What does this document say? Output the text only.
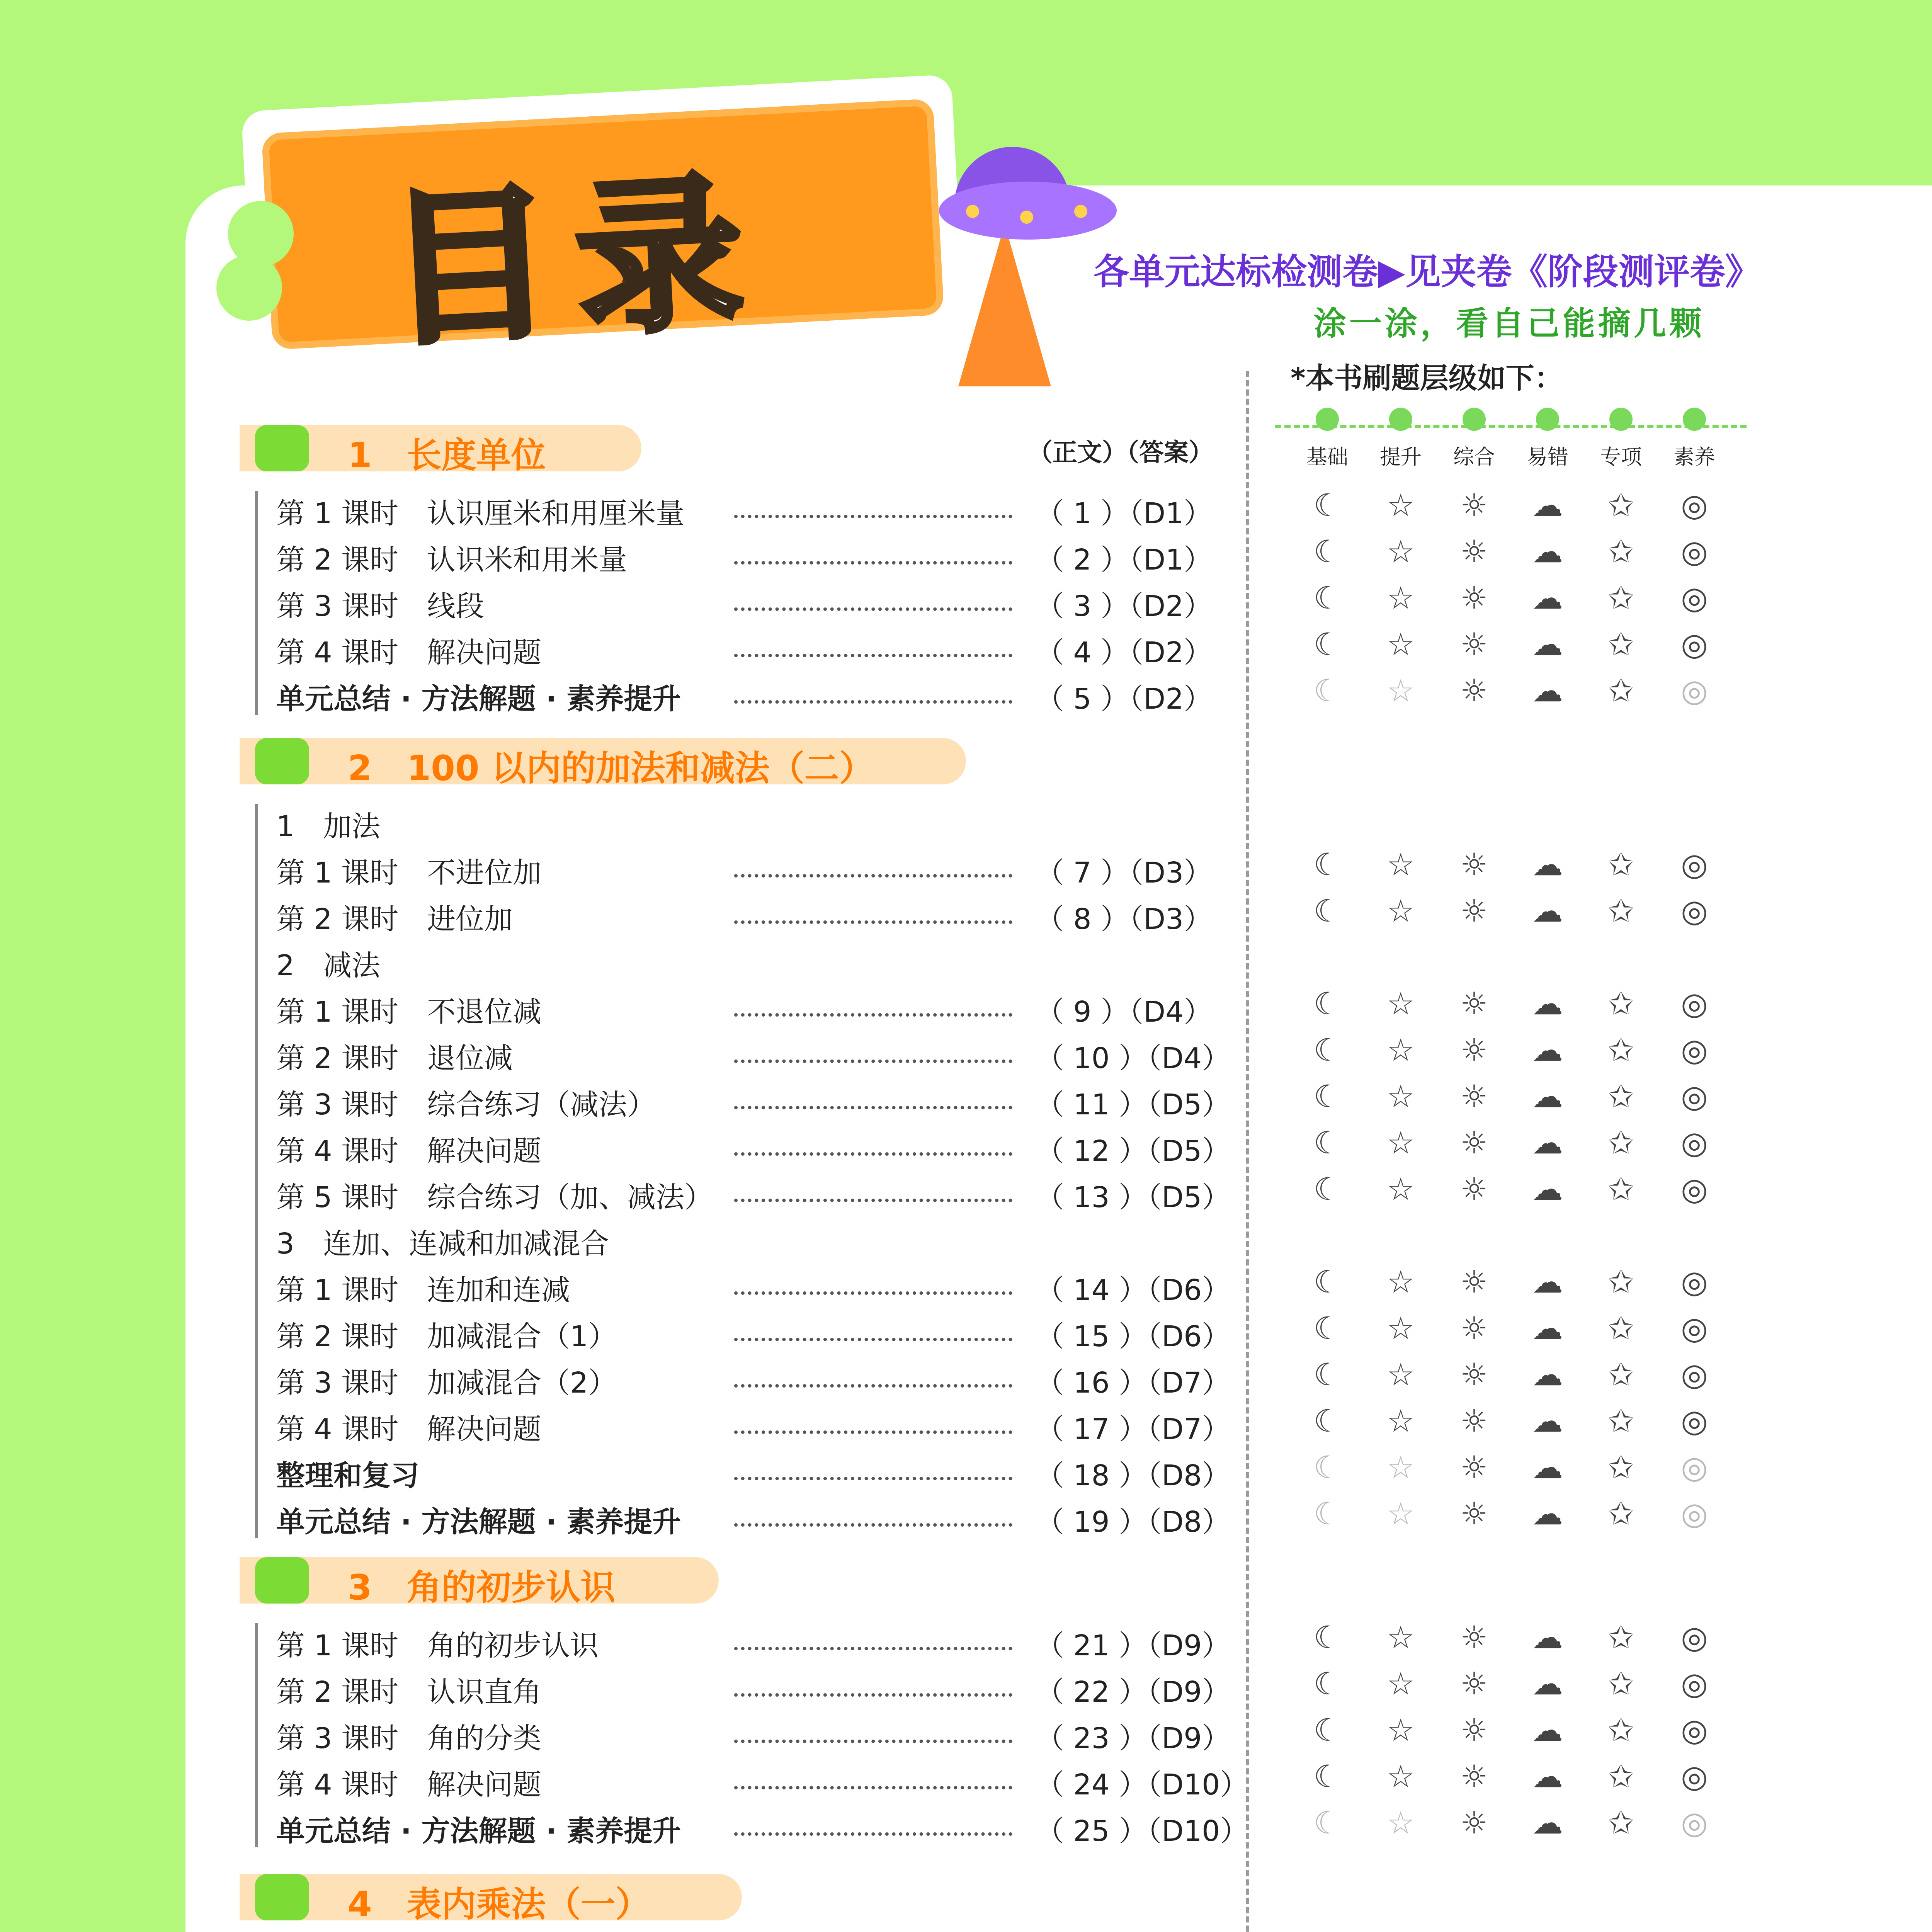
目录	各单元达标检测卷▶见夹卷《阶段测评卷》
涂一涂，看自己能摘几颗
*本书刷题层级如下：
基础	提升	综合	易错	专项	素养
（正文）（答案）
1　长度单位
第 1 课时　认识厘米和用厘米量	（ 1 ）（D1）	☾	☆	☼	☁	✩	◎
第 2 课时　认识米和用米量	（ 2 ）（D1）	☾	☆	☼	☁	✩	◎
第 3 课时　线段	（ 3 ）（D2）	☾	☆	☼	☁	✩	◎
第 4 课时　解决问题	（ 4 ）（D2）	☾	☆	☼	☁	✩	◎
单元总结 · 方法解题 · 素养提升	（ 5 ）（D2）	☾	☆	☼	☁	✩	◎
2　100 以内的加法和减法（二）
1　加法
第 1 课时　不进位加	（ 7 ）（D3）	☾	☆	☼	☁	✩	◎
第 2 课时　进位加	（ 8 ）（D3）	☾	☆	☼	☁	✩	◎
2　减法
第 1 课时　不退位减	（ 9 ）（D4）	☾	☆	☼	☁	✩	◎
第 2 课时　退位减	（ 10 ）（D4）	☾	☆	☼	☁	✩	◎
第 3 课时　综合练习（减法）	（ 11 ）（D5）	☾	☆	☼	☁	✩	◎
第 4 课时　解决问题	（ 12 ）（D5）	☾	☆	☼	☁	✩	◎
第 5 课时　综合练习（加、减法）	（ 13 ）（D5）	☾	☆	☼	☁	✩	◎
3　连加、连减和加减混合
第 1 课时　连加和连减	（ 14 ）（D6）	☾	☆	☼	☁	✩	◎
第 2 课时　加减混合（1）	（ 15 ）（D6）	☾	☆	☼	☁	✩	◎
第 3 课时　加减混合（2）	（ 16 ）（D7）	☾	☆	☼	☁	✩	◎
第 4 课时　解决问题	（ 17 ）（D7）	☾	☆	☼	☁	✩	◎
整理和复习	（ 18 ）（D8）	☾	☆	☼	☁	✩	◎
单元总结 · 方法解题 · 素养提升	（ 19 ）（D8）	☾	☆	☼	☁	✩	◎
3　角的初步认识
第 1 课时　角的初步认识	（ 21 ）（D9）	☾	☆	☼	☁	✩	◎
第 2 课时　认识直角	（ 22 ）（D9）	☾	☆	☼	☁	✩	◎
第 3 课时　角的分类	（ 23 ）（D9）	☾	☆	☼	☁	✩	◎
第 4 课时　解决问题	（ 24 ）（D10）	☾	☆	☼	☁	✩	◎
单元总结 · 方法解题 · 素养提升	（ 25 ）（D10）	☾	☆	☼	☁	✩	◎
4　表内乘法（一）
